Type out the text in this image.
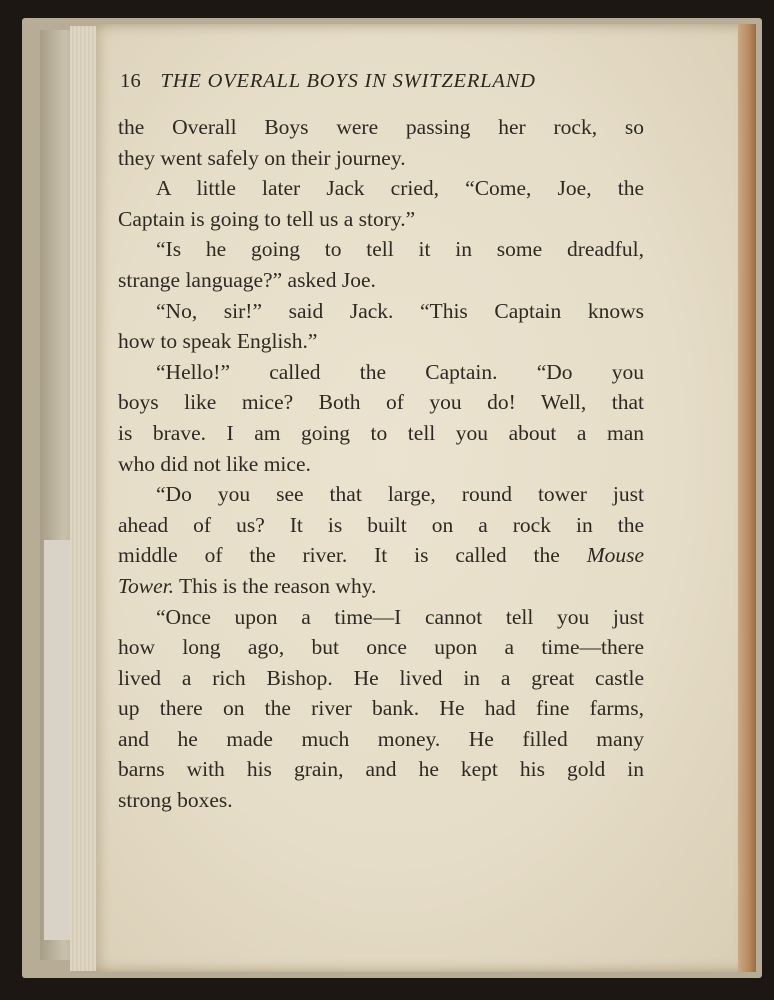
16 THE OVERALL BOYS IN SWITZERLAND
the Overall Boys were passing her rock, so
they went safely on their journey.
A little later Jack cried, “Come, Joe, the
Captain is going to tell us a story.”
“Is he going to tell it in some dreadful,
strange language?” asked Joe.
“No, sir!” said Jack. “This Captain knows
how to speak English.”
“Hello!” called the Captain. “Do you
boys like mice? Both of you do! Well, that
is brave. I am going to tell you about a man
who did not like mice.
“Do you see that large, round tower just
ahead of us? It is built on a rock in the
middle of the river. It is called the Mouse
Tower. This is the reason why.
“Once upon a time—I cannot tell you just
how long ago, but once upon a time—there
lived a rich Bishop. He lived in a great castle
up there on the river bank. He had fine farms,
and he made much money. He filled many
barns with his grain, and he kept his gold in
strong boxes.
